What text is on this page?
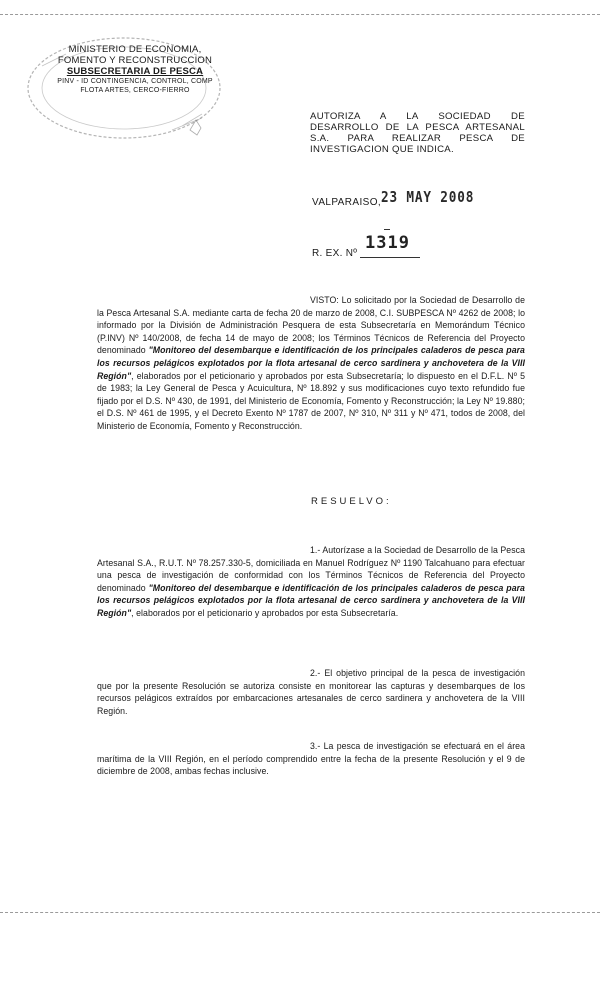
MINISTERIO DE ECONOMIA,
FOMENTO Y RECONSTRUCCION
SUBSECRETARIA DE PESCA
PINV - ID CONTINGENCIA, CONTROL, COMP
FLOTA ARTES, CERCO-FIERRO
AUTORIZA A LA SOCIEDAD DE
DESARROLLO DE LA PESCA ARTESANAL
S.A. PARA REALIZAR PESCA DE
INVESTIGACION QUE INDICA.
VALPARAISO, 23 MAY 2008
R. EX. Nº
1319
VISTO: Lo solicitado por la Sociedad de Desarrollo de la Pesca Artesanal S.A. mediante carta de fecha 20 de marzo de 2008, C.I. SUBPESCA Nº 4262 de 2008; lo informado por la División de Administración Pesquera de esta Subsecretaría en Memorándum Técnico (P.INV) Nº 140/2008, de fecha 14 de mayo de 2008; los Términos Técnicos de Referencia del Proyecto denominado "Monitoreo del desembarque e identificación de los principales caladeros de pesca para los recursos pelágicos explotados por la flota artesanal de cerco sardinera y anchovetera de la VIII Región", elaborados por el peticionario y aprobados por esta Subsecretaría; lo dispuesto en el D.F.L. Nº 5 de 1983; la Ley General de Pesca y Acuicultura, Nº 18.892 y sus modificaciones cuyo texto refundido fue fijado por el D.S. Nº 430, de 1991, del Ministerio de Economía, Fomento y Reconstrucción; la Ley Nº 19.880; el D.S. Nº 461 de 1995, y el Decreto Exento Nº 1787 de 2007, Nº 310, Nº 311 y Nº 471, todos de 2008, del Ministerio de Economía, Fomento y Reconstrucción.
RESUELVO:
1.- Autorízase a la Sociedad de Desarrollo de la Pesca Artesanal S.A., R.U.T. Nº 78.257.330-5, domiciliada en Manuel Rodríguez Nº 1190 Talcahuano para efectuar una pesca de investigación de conformidad con los Términos Técnicos de Referencia del Proyecto denominado "Monitoreo del desembarque e identificación de los principales caladeros de pesca para los recursos pelágicos explotados por la flota artesanal de cerco sardinera y anchovetera de la VIII Región", elaborados por el peticionario y aprobados por esta Subsecretaría.
2.- El objetivo principal de la pesca de investigación que por la presente Resolución se autoriza consiste en monitorear las capturas y desembarques de los recursos pelágicos extraídos por embarcaciones artesanales de cerco sardinera y anchovetera de la VIII Región.
3.- La pesca de investigación se efectuará en el área marítima de la VIII Región, en el período comprendido entre la fecha de la presente Resolución y el 9 de diciembre de 2008, ambas fechas inclusive.
